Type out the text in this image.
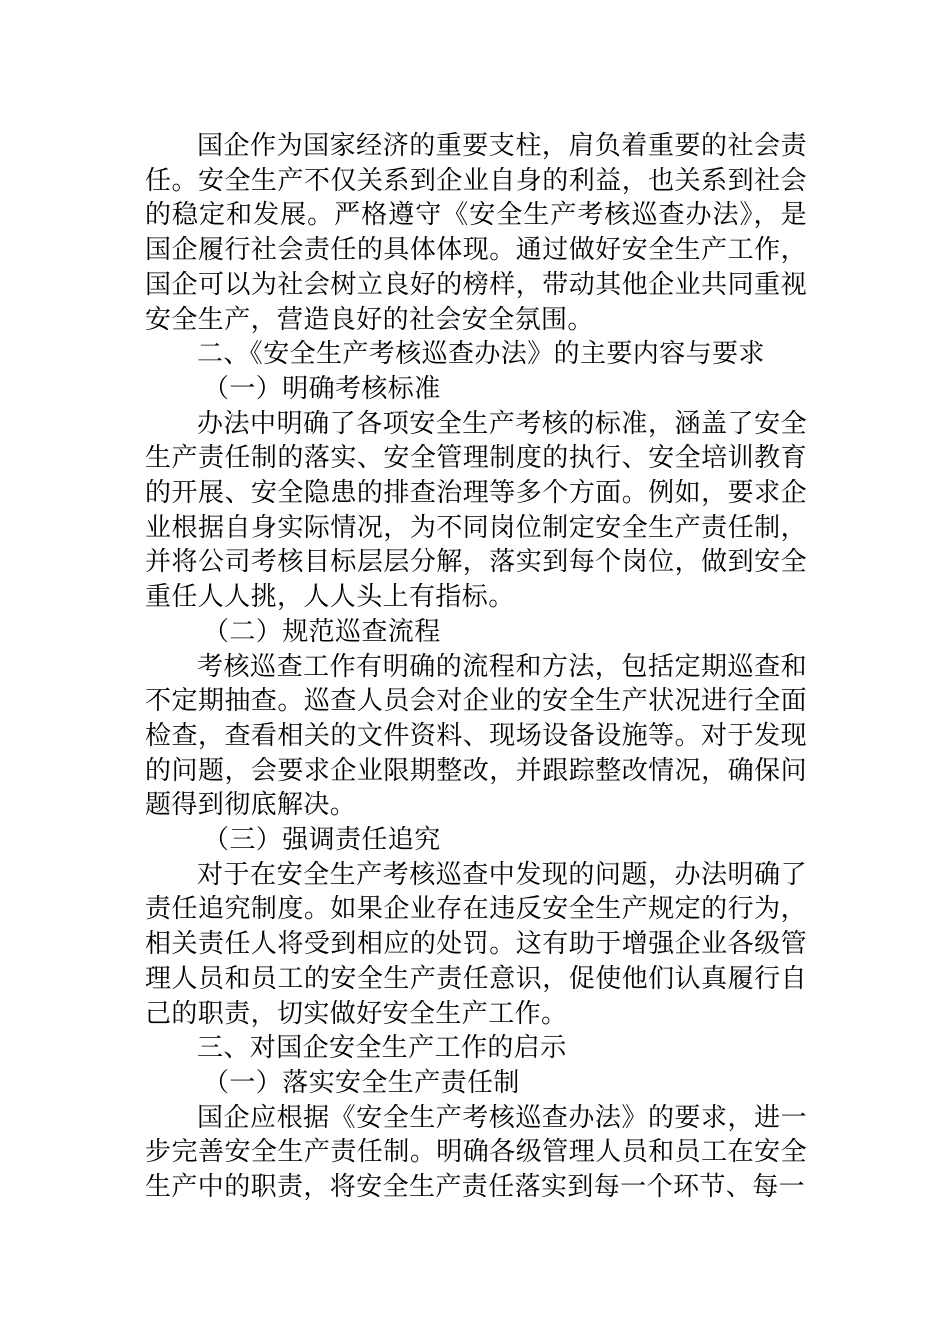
国企作为国家经济的重要支柱，肩负着重要的社会责任。安全生产不仅关系到企业自身的利益，也关系到社会的稳定和发展。严格遵守《安全生产考核巡查办法》，是国企履行社会责任的具体体现。通过做好安全生产工作，国企可以为社会树立良好的榜样，带动其他企业共同重视安全生产，营造良好的社会安全氛围。

二、《安全生产考核巡查办法》的主要内容与要求

（一）明确考核标准

办法中明确了各项安全生产考核的标准，涵盖了安全生产责任制的落实、安全管理制度的执行、安全培训教育的开展、安全隐患的排查治理等多个方面。例如，要求企业根据自身实际情况，为不同岗位制定安全生产责任制，并将公司考核目标层层分解，落实到每个岗位，做到安全重任人人挑，人人头上有指标。

（二）规范巡查流程

考核巡查工作有明确的流程和方法，包括定期巡查和不定期抽查。巡查人员会对企业的安全生产状况进行全面检查，查看相关的文件资料、现场设备设施等。对于发现的问题，会要求企业限期整改，并跟踪整改情况，确保问题得到彻底解决。

（三）强调责任追究

对于在安全生产考核巡查中发现的问题，办法明确了责任追究制度。如果企业存在违反安全生产规定的行为，相关责任人将受到相应的处罚。这有助于增强企业各级管理人员和员工的安全生产责任意识，促使他们认真履行自己的职责，切实做好安全生产工作。

三、对国企安全生产工作的启示

（一）落实安全生产责任制

国企应根据《安全生产考核巡查办法》的要求，进一步完善安全生产责任制。明确各级管理人员和员工在安全生产中的职责，将安全生产责任落实到每一个环节、每一
